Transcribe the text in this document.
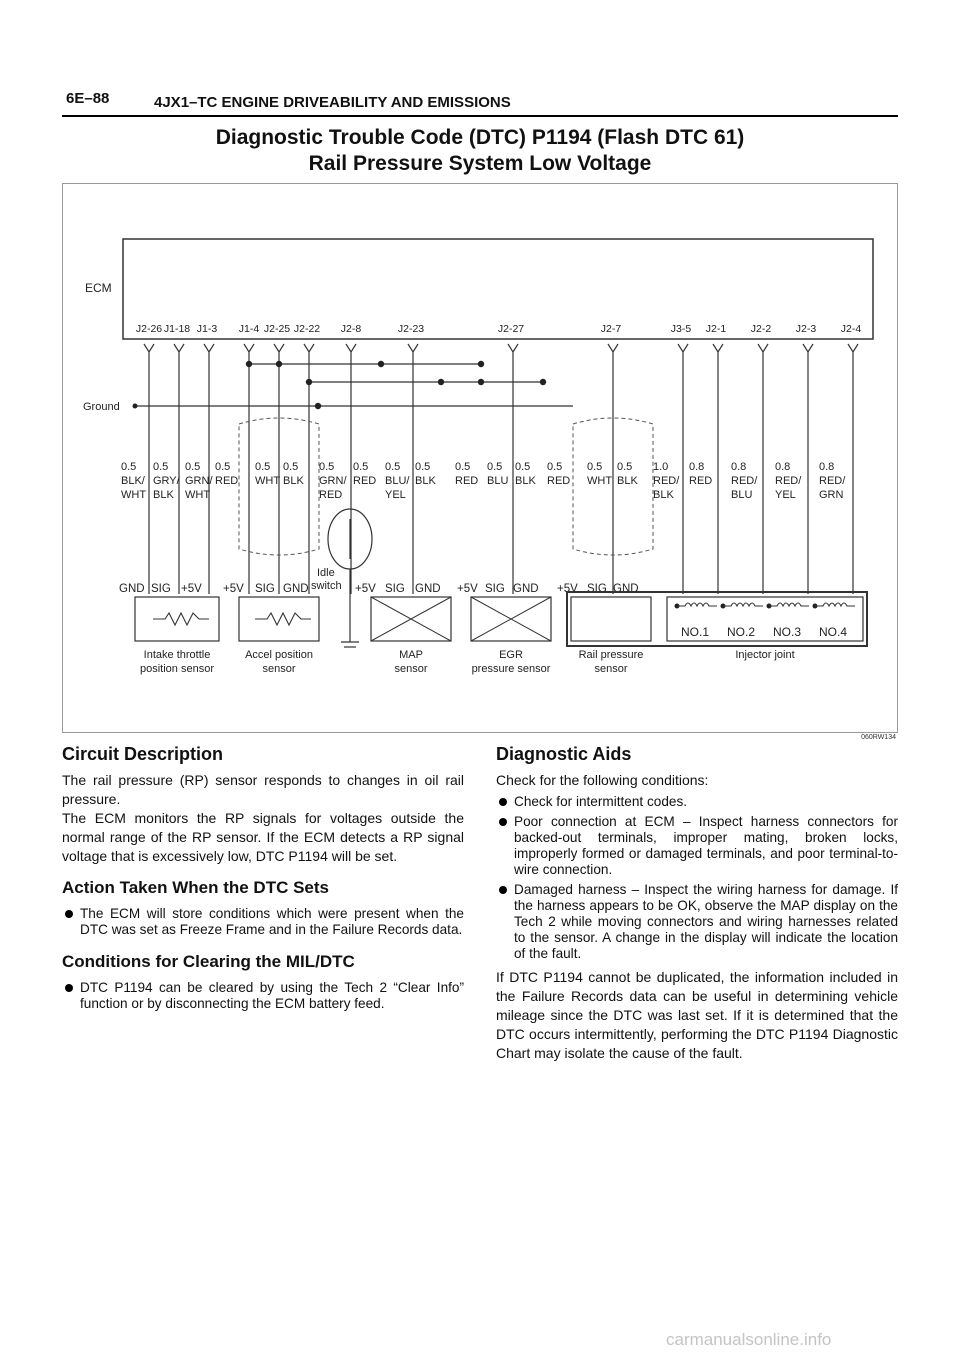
6E–88	4JX1–TC ENGINE DRIVEABILITY AND EMISSIONS
Diagnostic Trouble Code (DTC) P1194 (Flash DTC 61)
Rail Pressure System Low Voltage
ECM
J2-26 J1-18 J1-3 J1-4 J2-25 J2-22 J2-8	J2-23	J2-27	J2-7	J3-5 J2-1 J2-2 J2-3 J2-4
Ground
0.5
BLK/
WHT
0.5
GRY/
BLK
0.5
GRN/
WHT
0.5
RED
0.5
WHT
0.5
BLK
0.5
GRN/
RED
0.5
RED
0.5
BLU/
YEL
0.5
BLK
0.5
RED
0.5
BLU
0.5
BLK
0.5
RED
0.5
WHT
0.5
BLK
1.0
RED/
BLK
0.8
RED
0.8
RED/
BLU
0.8
RED/
YEL
0.8
RED/
GRN
Idle
switch
GND SIG +5V +5V SIG GND	+5V SIG GND +5V SIG GND +5V SIG GND
NO.1 NO.2 NO.3 NO.4
Intake throttle
position sensor
Accel position
sensor
MAP
sensor
EGR
pressure sensor
Rail pressure
sensor
Injector joint
060RW134
Circuit Description

The rail pressure (RP) sensor responds to changes in oil rail pressure.

The ECM monitors the RP signals for voltages outside the normal range of the RP sensor. If the ECM detects a RP signal voltage that is excessively low, DTC P1194 will be set.

Action Taken When the DTC Sets
The ECM will store conditions which were present when the DTC was set as Freeze Frame and in the Failure Records data.
Conditions for Clearing the MIL/DTC
DTC P1194 can be cleared by using the Tech 2 “Clear Info” function or by disconnecting the ECM battery feed.
Diagnostic Aids

Check for the following conditions:

Check for intermittent codes.
Poor connection at ECM – Inspect harness connectors for backed-out terminals, improper mating, broken locks, improperly formed or damaged terminals, and poor terminal-to-wire connection.
Damaged harness – Inspect the wiring harness for damage. If the harness appears to be OK, observe the MAP display on the Tech 2 while moving connectors and wiring harnesses related to the sensor. A change in the display will indicate the location of the fault.

If DTC P1194 cannot be duplicated, the information included in the Failure Records data can be useful in determining vehicle mileage since the DTC was last set. If it is determined that the DTC occurs intermittently, performing the DTC P1194 Diagnostic Chart may isolate the cause of the fault.

carmanualsonline.info
